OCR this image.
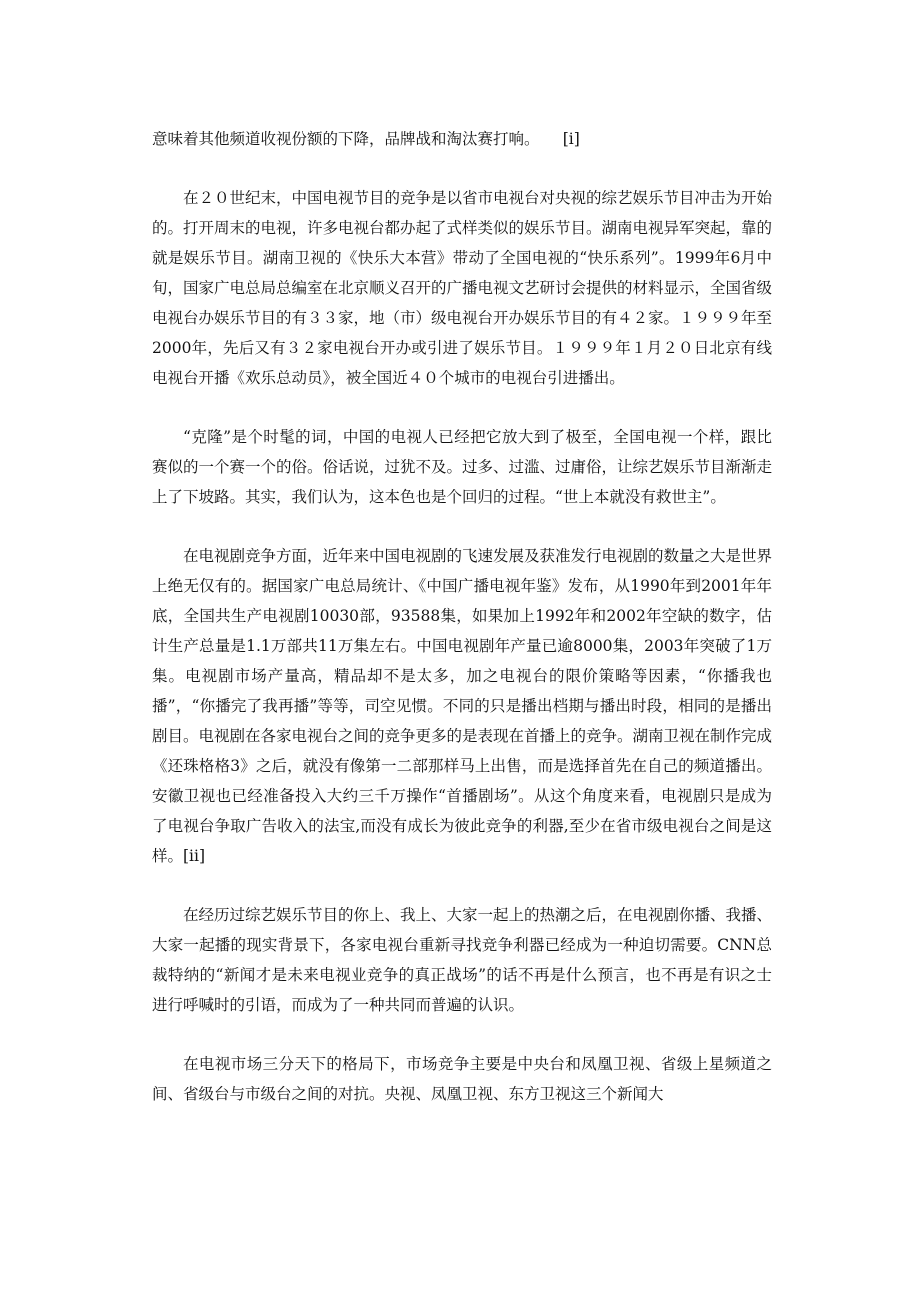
意味着其他频道收视份额的下降，品牌战和淘汰赛打响。　　[i]

在２０世纪末，中国电视节目的竞争是以省市电视台对央视的综艺娱乐节目冲击为开始的。打开周末的电视，许多电视台都办起了式样类似的娱乐节目。湖南电视异军突起，靠的就是娱乐节目。湖南卫视的《快乐大本营》带动了全国电视的“快乐系列”。1999年6月中旬，国家广电总局总编室在北京顺义召开的广播电视文艺研讨会提供的材料显示，全国省级电视台办娱乐节目的有３３家，地（市）级电视台开办娱乐节目的有４２家。１９９９年至2000年，先后又有３２家电视台开办或引进了娱乐节目。１９９９年１月２０日北京有线电视台开播《欢乐总动员》，被全国近４０个城市的电视台引进播出。

“克隆”是个时髦的词，中国的电视人已经把它放大到了极至，全国电视一个样，跟比赛似的一个赛一个的俗。俗话说，过犹不及。过多、过滥、过庸俗，让综艺娱乐节目渐渐走上了下坡路。其实，我们认为，这本色也是个回归的过程。“世上本就没有救世主”。

在电视剧竞争方面，近年来中国电视剧的飞速发展及获准发行电视剧的数量之大是世界上绝无仅有的。据国家广电总局统计、《中国广播电视年鉴》发布，从1990年到2001年年底，全国共生产电视剧10030部，93588集，如果加上1992年和2002年空缺的数字，估计生产总量是1.1万部共11万集左右。中国电视剧年产量已逾8000集，2003年突破了1万集。电视剧市场产量高，精品却不是太多，加之电视台的限价策略等因素，“你播我也播”，“你播完了我再播”等等，司空见惯。不同的只是播出档期与播出时段，相同的是播出剧目。电视剧在各家电视台之间的竞争更多的是表现在首播上的竞争。湖南卫视在制作完成《还珠格格3》之后，就没有像第一二部那样马上出售，而是选择首先在自己的频道播出。安徽卫视也已经准备投入大约三千万操作“首播剧场”。从这个角度来看，电视剧只是成为了电视台争取广告收入的法宝,而没有成长为彼此竞争的利器,至少在省市级电视台之间是这样。[ii]

在经历过综艺娱乐节目的你上、我上、大家一起上的热潮之后，在电视剧你播、我播、大家一起播的现实背景下，各家电视台重新寻找竞争利器已经成为一种迫切需要。CNN总裁特纳的“新闻才是未来电视业竞争的真正战场”的话不再是什么预言，也不再是有识之士进行呼喊时的引语，而成为了一种共同而普遍的认识。

在电视市场三分天下的格局下，市场竞争主要是中央台和凤凰卫视、省级上星频道之间、省级台与市级台之间的对抗。央视、凤凰卫视、东方卫视这三个新闻大
